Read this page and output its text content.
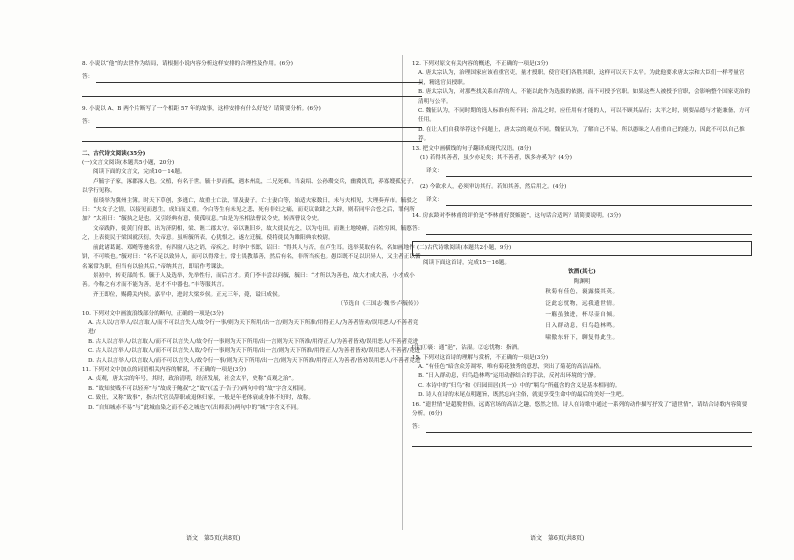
8. 小说以“他”的去世作为结局，请根据小说内容分析这样安排的合理性及作用。(6分)

答：

9. 小说以 A、B 两个片断写了一个相距 57 年的故事，这样安排有什么好处？请简要分析。(6分)

答：

二、古代诗文阅读(35分)

(一)文言文阅读(本题共5小题，20分)

阅读下面的文言文，完成10－14题。

卢毓字子家，涿郡涿人也。父植，有名于世。毓十岁而孤，遇本州乱，二兄死难。当袁绍、公孙瓒交兵，幽冀饥荒，养寡嫂孤兄子，以学行见称。

崔琰举为冀州主簿。时天下草创，多逃亡，故重士亡法，罪及妻子。亡士妻白等，始适夫家数日，未与夫相见，大理奏弃市。毓驳之曰：“夫女子之情，以接见而恩生，成妇而义重。今白等生有未见之悲，死有非妇之痛，而吏议欲肆之大辟，则若同牢合卺之后，罪何所加？”太祖曰：“毓执之是也。又引经典有意，使孤叹息。”由是为丞相法曹议令史，转西曹议令史。

文帝践阼，徙黄门侍郎，出为济阴相，梁、谯二郡太守。帝以谯旧乡，故大徙民充之，以为屯田。而谯土地墝瘠，百姓穷困，毓愍之，上表徙民于梁国就沃衍，失帝意。虽听毓所表，心犹恨之，遂左迁毓，使将徙民为睢阳典农校尉。

前此诸葛诞、邓飏等驰名誉，有四窗八达之诮，帝疾之。时举中书郎，诏曰：“得其人与否，在卢生耳。选举莫取有名，名如画地作饼，不可啖也。”毓对曰：“名不足以致异人，而可以得常士。常士畏教慕善，然后有名，非所当疾也。愚臣既不足以识异人，又主者正以循名案常为职，但当有以验其后。”帝纳其言，即诏作考课法。

景初中，转吏部尚书。毓于人及选举，先举性行，而后言才。黄门李丰尝以问毓，毓曰：“才所以为善也，故大才成大善，小才成小善。今称之有才而不能为善，是才不中器也。”丰等服其言。

齐王即位，赐爵关内侯。嘉平中，进封大梁乡侯。正元三年，薨，谥曰成侯。

（节选自《三国志·魏书·卢毓传》）

10. 下列对文中画波浪线部分的断句，正确的一项是(3分)

A. 古人以/言举人/以言取人/而不可以言失人/故令行一事/则为天下所用/出一言/则为天下所准/用得正人/为善者皆劝/误用恶人/不善者竞进/

B. 古人以言举人/以言取人/而不可以言失人/故令行一事则为天下所用/出一言则为天下所准/用得正人/为善者皆劝/误用恶人/不善者竞进

C. 古人以言举人/以言取人/而不可以言失人故/令行一事则为天下所用/出一言/则为天下所准/用得正人/为善者皆劝/误用恶人不善者/竞进

D. 古人以言举人/以言取人/而不可以言失人/故令行一事/则为天下所用/出一言/则为天下所准/用得正人为善者/皆劝误用恶人/不善者竞进

11. 下列对文中加点的词语相关内容的解说，不正确的一项是(3分)

A. 贞观，唐太宗的年号，其时，政治清明，经济发展，社会太平，史称“贞观之治”。

B. “故知贫贱不可以轻弃”与“故成于鲍叔”之“故”(《孟子·告子》)两句中的“故”字含义相同。

C. 致仕，又称“致事”，指古代官员辞职或退休归家，一般是年老体衰或身体不好时，故称。

D. “自知城赤不易”与“此城血染之而不必之城也”(《出师表》)两句中的“城”字含义不同。

12. 下列对原文有关内容的概述，不正确的一项是(3分)

A. 唐太宗认为，治理国家应该看重官吏，量才授职，使官吏们各胜其职，这样可以天下太平。为此他要求唐太宗和大臣们一样考量官员，精选官员授职。

B. 唐太宗认为，对那些找关系自荐的人，不能以此作为选拔的依据，而不可授予官职。如果这些人被授予官职，会影响整个国家吏治的清明与公平。

C. 魏征认为，不同时期的选人标准有所不同；治乱之时，应任用有才能的人，可以不顾其品行；太平之时，则要品德与才能兼备，方可任用。

D. 在让人们自我举荐这个问题上，唐太宗的观点不同。魏征认为，了解自己不易，所以愚昧之人看重自己的能力，因此不可以自己推荐。

13. 把文中画横线的句子翻译成现代汉语。(8分)

(1) 若得其善者，虽少亦足矣；其不善者，纵多亦奚为？(4分)

译文：

(2) 今欲求人，必须审访其行。若知其善，然后用之。(4分)

译文：

14. 房玄龄对李林甫的评价是“李林甫好贤嫉能”，这句话合适吗？请简要说明。(3分)

答：

(二)古代诗歌阅读(本题共2小题，9分)

阅读下面这首诗，完成15－16题。

饮酒(其七)

陶渊明

秋菊有佳色，裛露掇其英。

泛此忘忧物，远我遗世情。

一觞虽独进，杯尽壶自倾。

日入群动息，归鸟趋林鸣。

啸傲东轩下，聊复得此生。

[注]①裛：通“浥”，沾湿。②忘忧物：指酒。

15. 下列对这首诗的理解与赏析，不正确的一项是(3分)

A. “有佳色”暗含众芳凋零，唯有菊花独秀的意思，突出了菊花的高洁品格。

B. “日入群动息，归鸟趋林鸣”运用动静结合的手法，反衬出环境的宁静。

C. 本诗中的“归鸟”和《归园田居(其一)》中的“羁鸟”所蕴含的含义是基本相同的。

D. 诗人在诗的末尾点明题旨，既然忘向尘俗，就更享受生命中的最后的美好一生吧。

16. “遗世情”是超脱世俗，远离官场的高洁之趣，悠然之情。诗人在诗歌中通过一系列的动作描写抒发了“遗世情”，请结合诗歌内容简要分析。(6分)

答：
语文　第5页(共8页)	语文　第6页(共8页)
